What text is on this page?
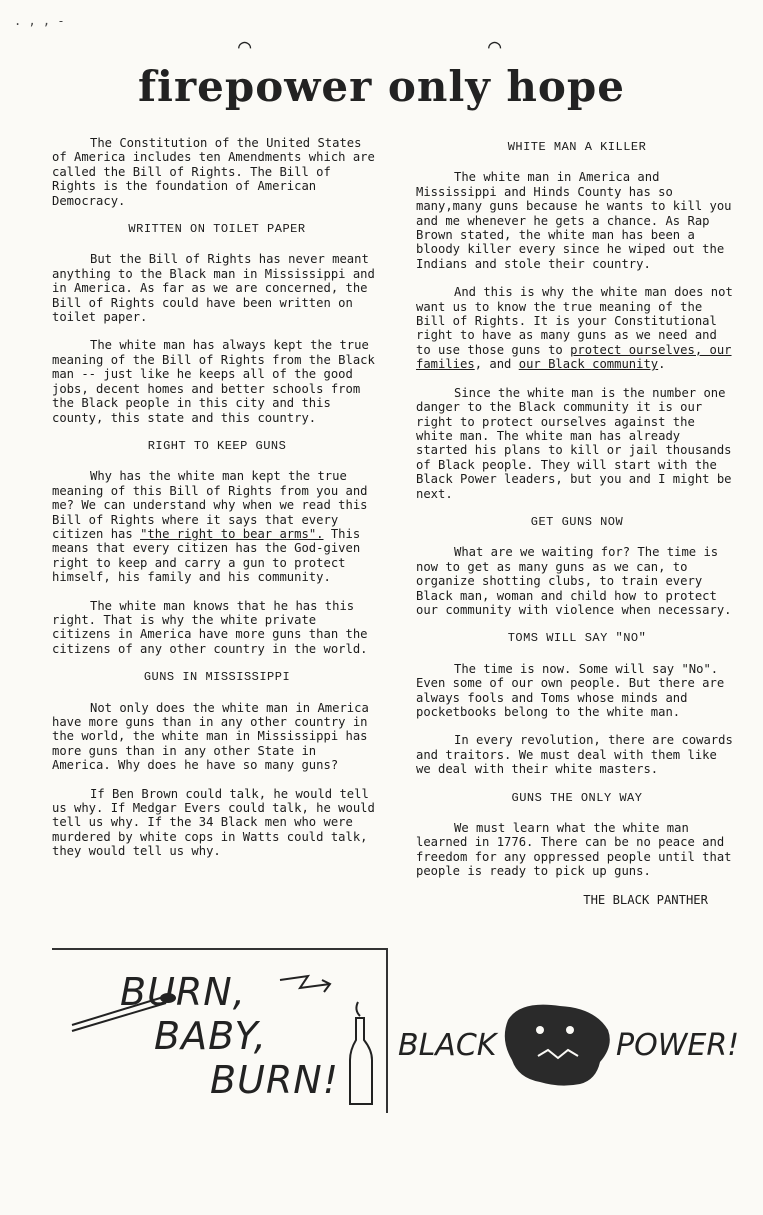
. , , -
⌒	⌒
firepower only hope

The Constitution of the United States of America includes ten Amendments which are called the Bill of Rights. The Bill of Rights is the foundation of American Democracy.

WRITTEN ON TOILET PAPER

But the Bill of Rights has never meant anything to the Black man in Mississippi and in America. As far as we are concerned, the Bill of Rights could have been written on toilet paper.

The white man has always kept the true meaning of the Bill of Rights from the Black man -- just like he keeps all of the good jobs, decent homes and better schools from the Black people in this city and this county, this state and this country.

RIGHT TO KEEP GUNS

Why has the white man kept the true meaning of this Bill of Rights from you and me? We can understand why when we read this Bill of Rights where it says that every citizen has "the right to bear arms". This means that every citizen has the God-given right to keep and carry a gun to protect himself, his family and his community.

The white man knows that he has this right. That is why the white private citizens in America have more guns than the citizens of any other country in the world.

GUNS IN MISSISSIPPI

Not only does the white man in America have more guns than in any other country in the world, the white man in Mississippi has more guns than in any other State in America. Why does he have so many guns?

If Ben Brown could talk, he would tell us why. If Medgar Evers could talk, he would tell us why. If the 34 Black men who were murdered by white cops in Watts could talk, they would tell us why.

WHITE MAN A KILLER

The white man in America and Mississippi and Hinds County has so many,many guns because he wants to kill you and me whenever he gets a chance. As Rap Brown stated, the white man has been a bloody killer every since he wiped out the Indians and stole their country.

And this is why the white man does not want us to know the true meaning of the Bill of Rights. It is your Constitutional right to have as many guns as we need and to use those guns to protect ourselves, our families, and our Black community.

Since the white man is the number one danger to the Black community it is our right to protect ourselves against the white man. The white man has already started his plans to kill or jail thousands of Black people. They will start with the Black Power leaders, but you and I might be next.

GET GUNS NOW

What are we waiting for? The time is now to get as many guns as we can, to organize shotting clubs, to train every Black man, woman and child how to protect our community with violence when necessary.

TOMS WILL SAY "NO"

The time is now. Some will say "No". Even some of our own people. But there are always fools and Toms whose minds and pocketbooks belong to the white man.

In every revolution, there are cowards and traitors. We must deal with them like we deal with their white masters.

GUNS THE ONLY WAY

We must learn what the white man learned in 1776. There can be no peace and freedom for any oppressed people until that people is ready to pick up guns.

THE BLACK PANTHER
BURN,
BABY,
BURN!
BLACK	POWER!
